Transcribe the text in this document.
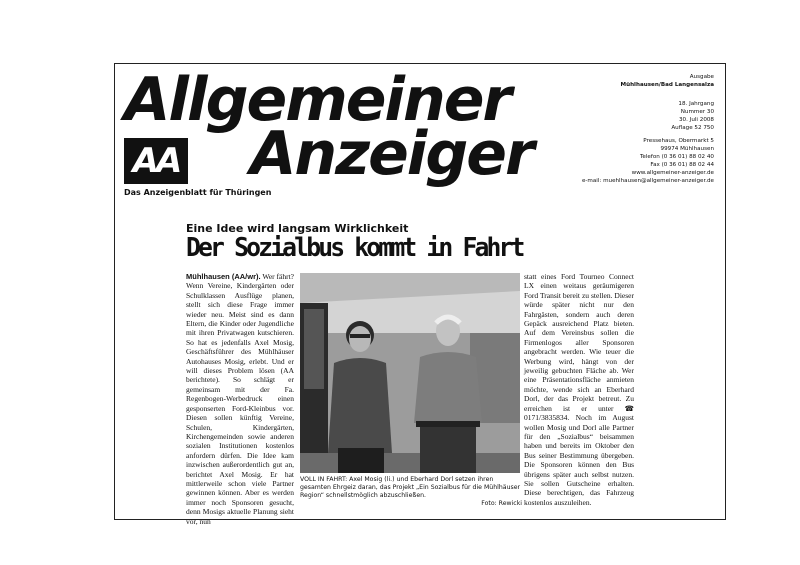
Allgemeiner
AA Anzeiger
Das Anzeigenblatt für Thüringen
Ausgabe
Mühlhausen/Bad Langensalza
18. Jahrgang
Nummer 30
30. Juli 2008
Auflage 52 750
Pressehaus, Obermarkt 5
99974 Mühlhausen
Telefon (0 36 01) 88 02 40
Fax (0 36 01) 88 02 44
www.allgemeiner-anzeiger.de
e-mail: muehlhausen@allgemeiner-anzeiger.de
Eine Idee wird langsam Wirklichkeit
Der Sozialbus kommt in Fahrt
Mühlhausen (AA/wr). Wer fährt? Wenn Vereine, Kindergärten oder Schulklassen Ausflüge planen, stellt sich diese Frage immer wieder neu. Meist sind es dann Eltern, die Kinder oder Jugendliche mit ihren Privatwagen kutschieren. So hat es jedenfalls Axel Mosig, Geschäftsführer des Mühlhäuser Autohauses Mosig, erlebt. Und er will dieses Problem lösen (AA berichtete). So schlägt er gemeinsam mit der Fa. Regenbogen-Werbedruck einen gesponserten Ford-Kleinbus vor. Diesen sollen künftig Vereine, Schulen, Kindergärten, Kirchengemeinden sowie anderen sozialen Institutionen kostenlos anfordern dürfen. Die Idee kam inzwischen außerordentlich gut an, berichtet Axel Mosig. Er hat mittlerweile schon viele Partner gewinnen können. Aber es werden immer noch Sponsoren gesucht, denn Mosigs aktuelle Planung sieht vor, nun
VOLL IN FAHRT: Axel Mosig (li.) und Eberhard Dorl setzen ihren gesamten Ehrgeiz daran, das Projekt „Ein Sozialbus für die Mühlhäuser Region“ schnellstmöglich abzuschließen.
Foto: Rewicki
statt eines Ford Tourneo Connect LX einen weitaus geräumigeren Ford Transit bereit zu stellen. Dieser würde später nicht nur den Fahrgästen, sondern auch deren Gepäck ausreichend Platz bieten. Auf dem Vereinsbus sollen die Firmenlogos aller Sponsoren angebracht werden. Wie teuer die Werbung wird, hängt von der jeweilig gebuchten Fläche ab. Wer eine Präsentationsfläche anmieten möchte, wende sich an Eberhard Dorl, der das Projekt betreut. Zu erreichen ist er unter ☎ 0171/3835834. Noch im August wollen Mosig und Dorl alle Partner für den „Sozialbus“ beisammen haben und bereits im Oktober den Bus seiner Bestimmung übergeben. Die Sponsoren können den Bus übrigens später auch selbst nutzen. Sie sollen Gutscheine erhalten. Diese berechtigen, das Fahrzeug kostenlos auszuleihen.
